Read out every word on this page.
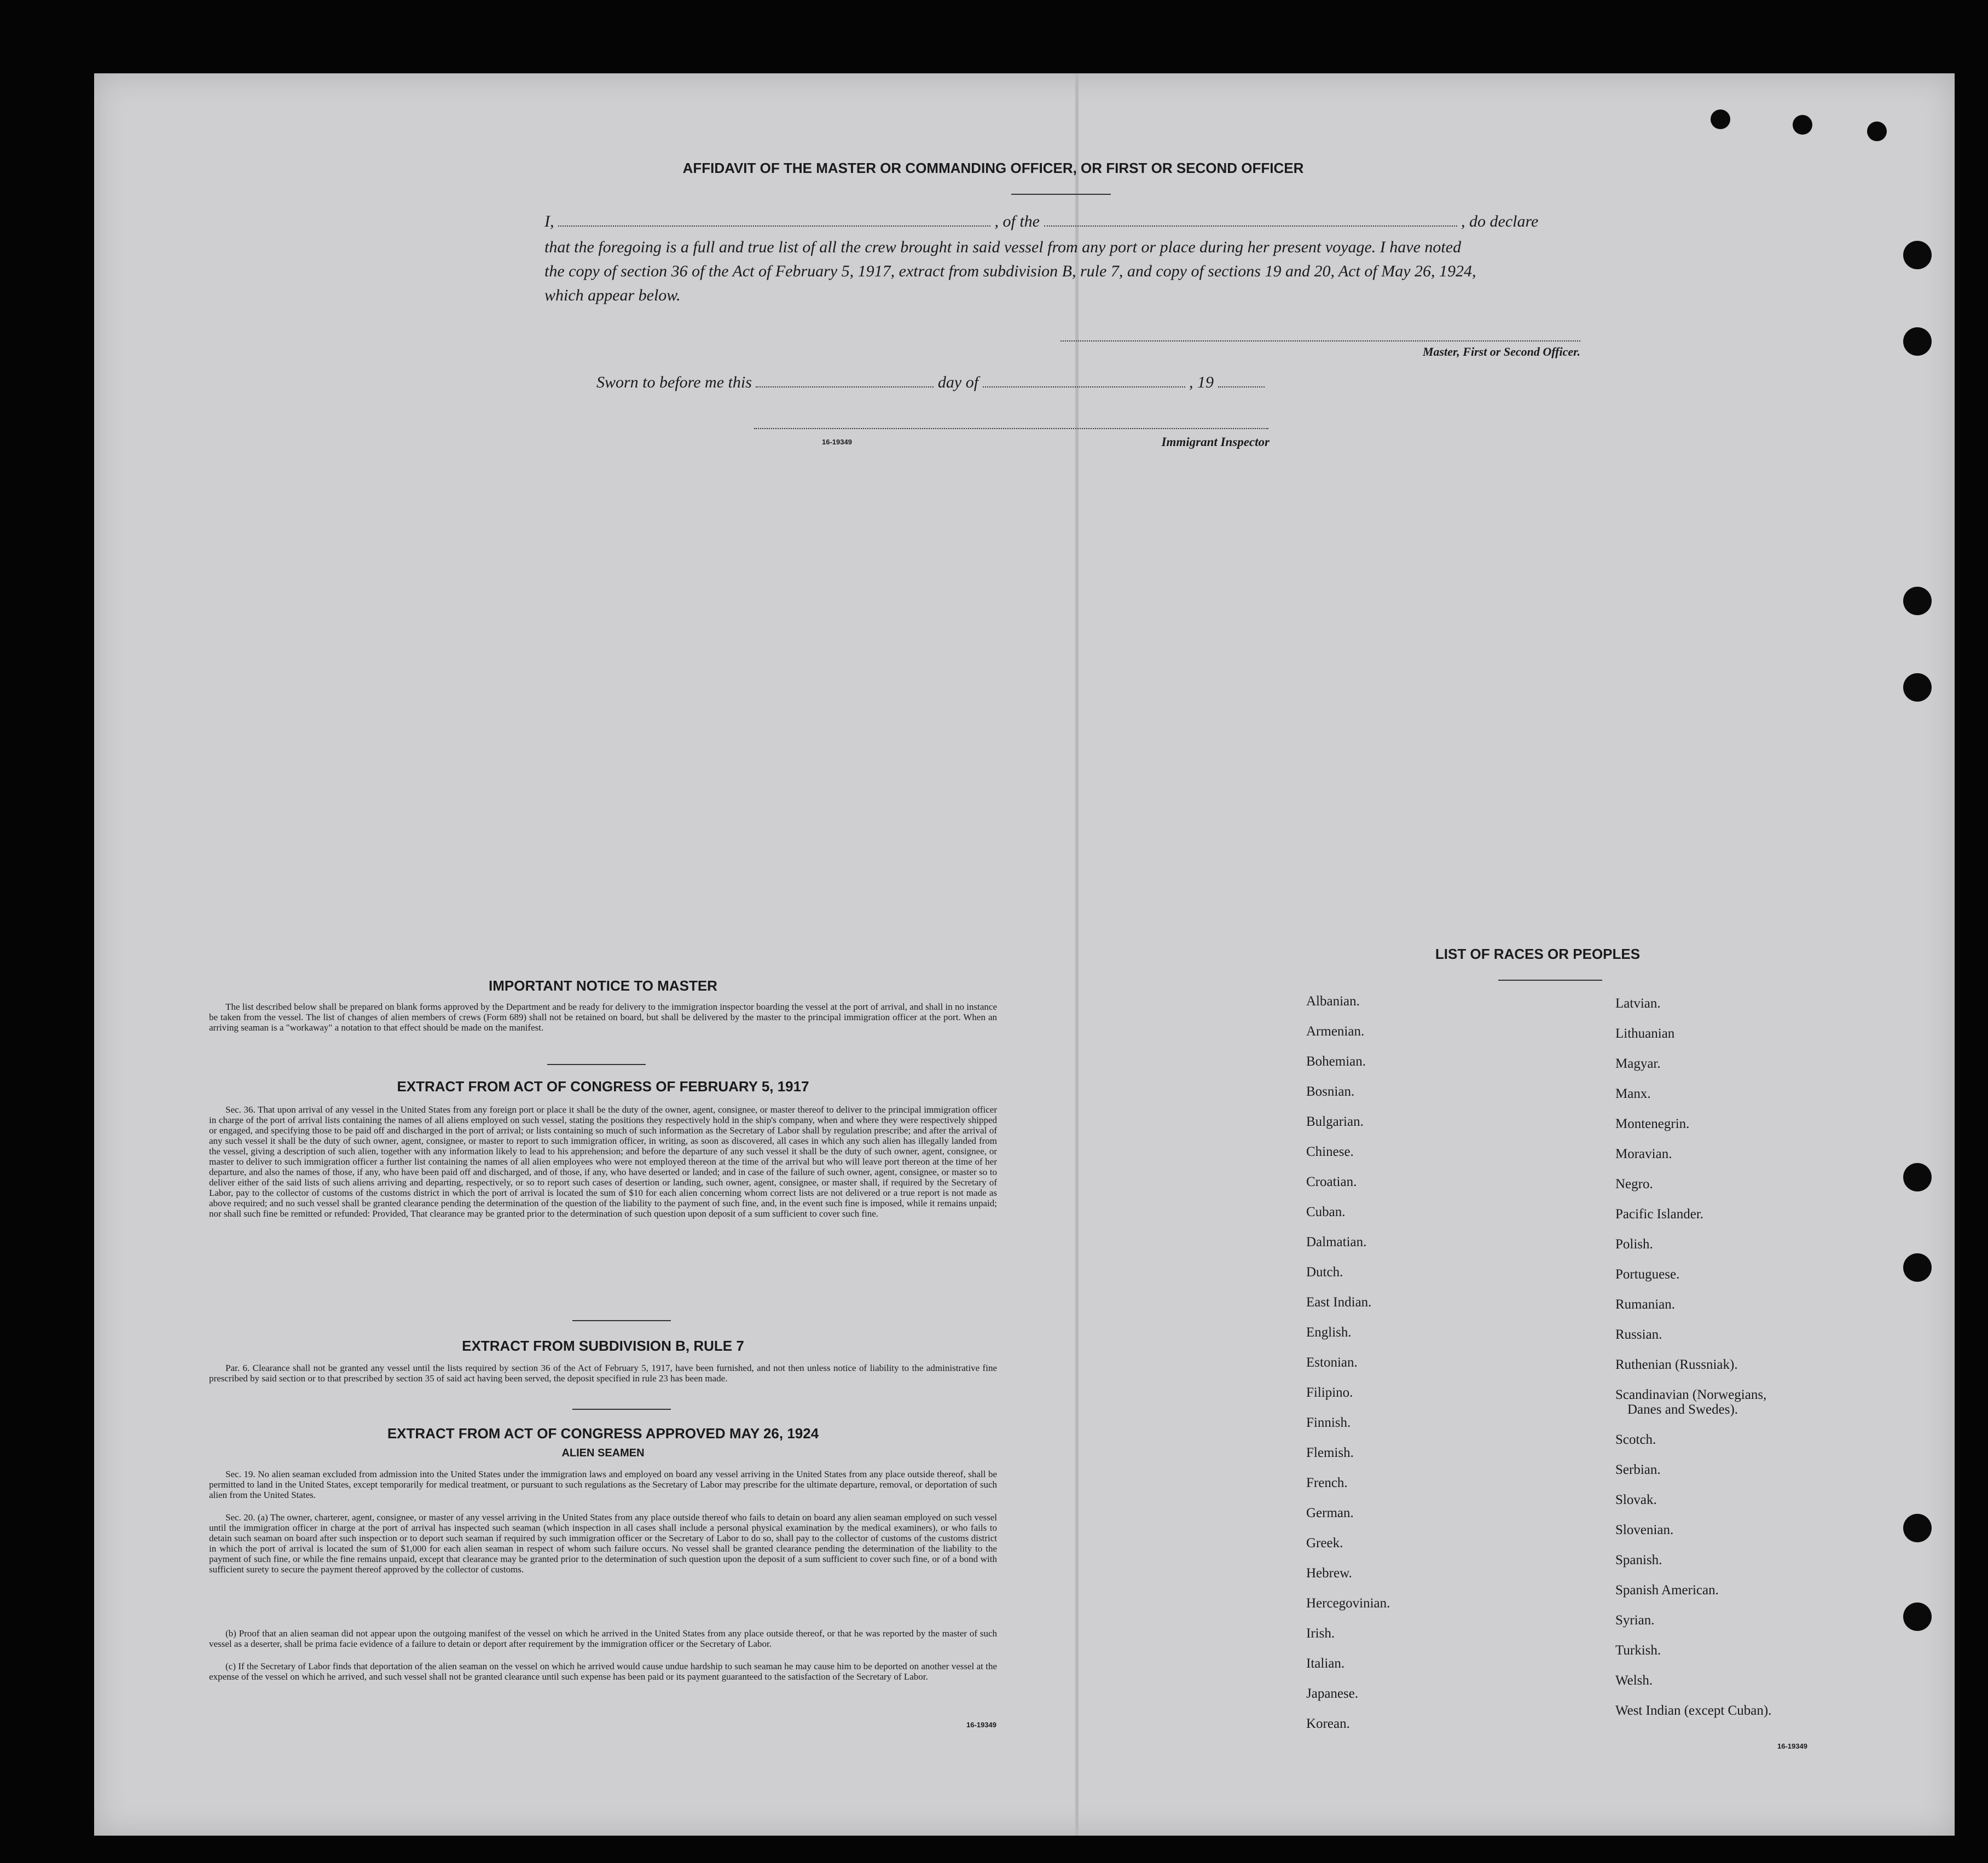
AFFIDAVIT OF THE MASTER OR COMMANDING OFFICER, OR FIRST OR SECOND OFFICER
I,	, of the	, do declare
that the foregoing is a full and true list of all the crew brought in said vessel from any port or place during her present voyage. I have noted
the copy of section 36 of the Act of February 5, 1917, extract from subdivision B, rule 7, and copy of sections 19 and 20, Act of May 26, 1924,
which appear below.
Master, First or Second Officer.
Sworn to before me this	day of	, 19
16-19349	Immigrant Inspector
IMPORTANT NOTICE TO MASTER
The list described below shall be prepared on blank forms approved by the Department and be ready for delivery to the immigration inspector boarding the vessel at the port of arrival, and shall in no instance be taken from the vessel. The list of changes of alien members of crews (Form 689) shall not be retained on board, but shall be delivered by the master to the principal immigration officer at the port. When an arriving seaman is a "workaway" a notation to that effect should be made on the manifest.
EXTRACT FROM ACT OF CONGRESS OF FEBRUARY 5, 1917
Sec. 36. That upon arrival of any vessel in the United States from any foreign port or place it shall be the duty of the owner, agent, consignee, or master thereof to deliver to the principal immigration officer in charge of the port of arrival lists containing the names of all aliens employed on such vessel, stating the positions they respectively hold in the ship's company, when and where they were respectively shipped or engaged, and specifying those to be paid off and discharged in the port of arrival; or lists containing so much of such information as the Secretary of Labor shall by regulation prescribe; and after the arrival of any such vessel it shall be the duty of such owner, agent, consignee, or master to report to such immigration officer, in writing, as soon as discovered, all cases in which any such alien has illegally landed from the vessel, giving a description of such alien, together with any information likely to lead to his apprehension; and before the departure of any such vessel it shall be the duty of such owner, agent, consignee, or master to deliver to such immigration officer a further list containing the names of all alien employees who were not employed thereon at the time of the arrival but who will leave port thereon at the time of her departure, and also the names of those, if any, who have been paid off and discharged, and of those, if any, who have deserted or landed; and in case of the failure of such owner, agent, consignee, or master so to deliver either of the said lists of such aliens arriving and departing, respectively, or so to report such cases of desertion or landing, such owner, agent, consignee, or master shall, if required by the Secretary of Labor, pay to the collector of customs of the customs district in which the port of arrival is located the sum of $10 for each alien concerning whom correct lists are not delivered or a true report is not made as above required; and no such vessel shall be granted clearance pending the determination of the question of the liability to the payment of such fine, and, in the event such fine is imposed, while it remains unpaid; nor shall such fine be remitted or refunded: Provided, That clearance may be granted prior to the determination of such question upon deposit of a sum sufficient to cover such fine.
EXTRACT FROM SUBDIVISION B, RULE 7
Par. 6. Clearance shall not be granted any vessel until the lists required by section 36 of the Act of February 5, 1917, have been furnished, and not then unless notice of liability to the administrative fine prescribed by said section or to that prescribed by section 35 of said act having been served, the deposit specified in rule 23 has been made.
EXTRACT FROM ACT OF CONGRESS APPROVED MAY 26, 1924
ALIEN SEAMEN
Sec. 19. No alien seaman excluded from admission into the United States under the immigration laws and employed on board any vessel arriving in the United States from any place outside thereof, shall be permitted to land in the United States, except temporarily for medical treatment, or pursuant to such regulations as the Secretary of Labor may prescribe for the ultimate departure, removal, or deportation of such alien from the United States.
Sec. 20. (a) The owner, charterer, agent, consignee, or master of any vessel arriving in the United States from any place outside thereof who fails to detain on board any alien seaman employed on such vessel until the immigration officer in charge at the port of arrival has inspected such seaman (which inspection in all cases shall include a personal physical examination by the medical examiners), or who fails to detain such seaman on board after such inspection or to deport such seaman if required by such immigration officer or the Secretary of Labor to do so, shall pay to the collector of customs of the customs district in which the port of arrival is located the sum of $1,000 for each alien seaman in respect of whom such failure occurs. No vessel shall be granted clearance pending the determination of the liability to the payment of such fine, or while the fine remains unpaid, except that clearance may be granted prior to the determination of such question upon the deposit of a sum sufficient to cover such fine, or of a bond with sufficient surety to secure the payment thereof approved by the collector of customs.
(b) Proof that an alien seaman did not appear upon the outgoing manifest of the vessel on which he arrived in the United States from any place outside thereof, or that he was reported by the master of such vessel as a deserter, shall be prima facie evidence of a failure to detain or deport after requirement by the immigration officer or the Secretary of Labor.
(c) If the Secretary of Labor finds that deportation of the alien seaman on the vessel on which he arrived would cause undue hardship to such seaman he may cause him to be deported on another vessel at the expense of the vessel on which he arrived, and such vessel shall not be granted clearance until such expense has been paid or its payment guaranteed to the satisfaction of the Secretary of Labor.
16-19349
LIST OF RACES OR PEOPLES
Albanian.
Armenian.
Bohemian.
Bosnian.
Bulgarian.
Chinese.
Croatian.
Cuban.
Dalmatian.
Dutch.
East Indian.
English.
Estonian.
Filipino.
Finnish.
Flemish.
French.
German.
Greek.
Hebrew.
Hercegovinian.
Irish.
Italian.
Japanese.
Korean.
Latvian.
Lithuanian
Magyar.
Manx.
Montenegrin.
Moravian.
Negro.
Pacific Islander.
Polish.
Portuguese.
Rumanian.
Russian.
Ruthenian (Russniak).
Scandinavian (Norwegians,
Danes and Swedes).
Scotch.
Serbian.
Slovak.
Slovenian.
Spanish.
Spanish American.
Syrian.
Turkish.
Welsh.
West Indian (except Cuban).
16-19349
